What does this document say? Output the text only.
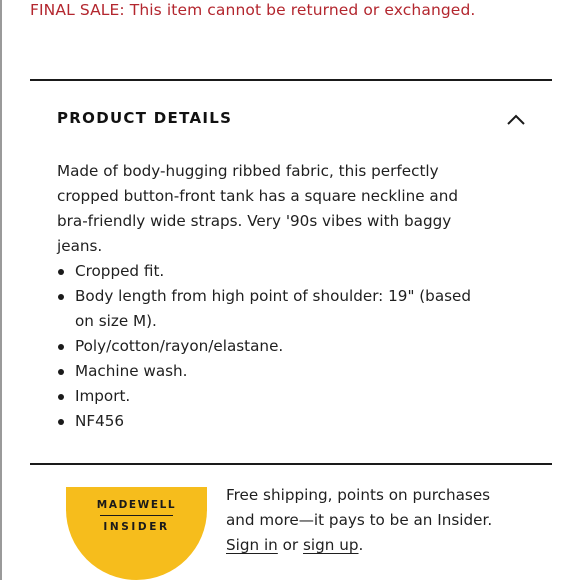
FINAL SALE: This item cannot be returned or exchanged.
PRODUCT DETAILS

Made of body-hugging ribbed fabric, this perfectly
cropped button-front tank has a square neckline and
bra-friendly wide straps. Very '90s vibes with baggy
jeans.

Cropped fit.
Body length from high point of shoulder: 19" (based
on size M).
Poly/cotton/rayon/elastane.
Machine wash.
Import.
NF456
MADEWELL
INSIDER
Free shipping, points on purchases
and more—it pays to be an Insider.
Sign in or sign up.
